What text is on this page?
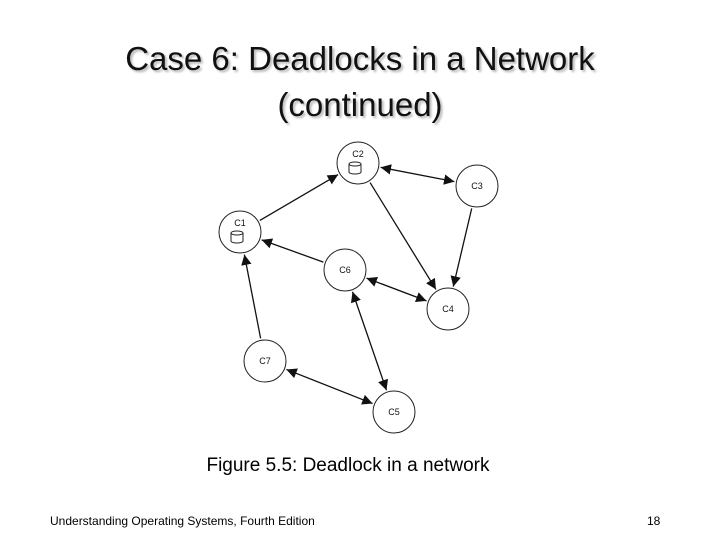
Case 6: Deadlocks in a Network
(continued)
C1
C2
C3
C4
C5
C6
C7
Figure 5.5: Deadlock in a network
Understanding Operating Systems, Fourth Edition	18
